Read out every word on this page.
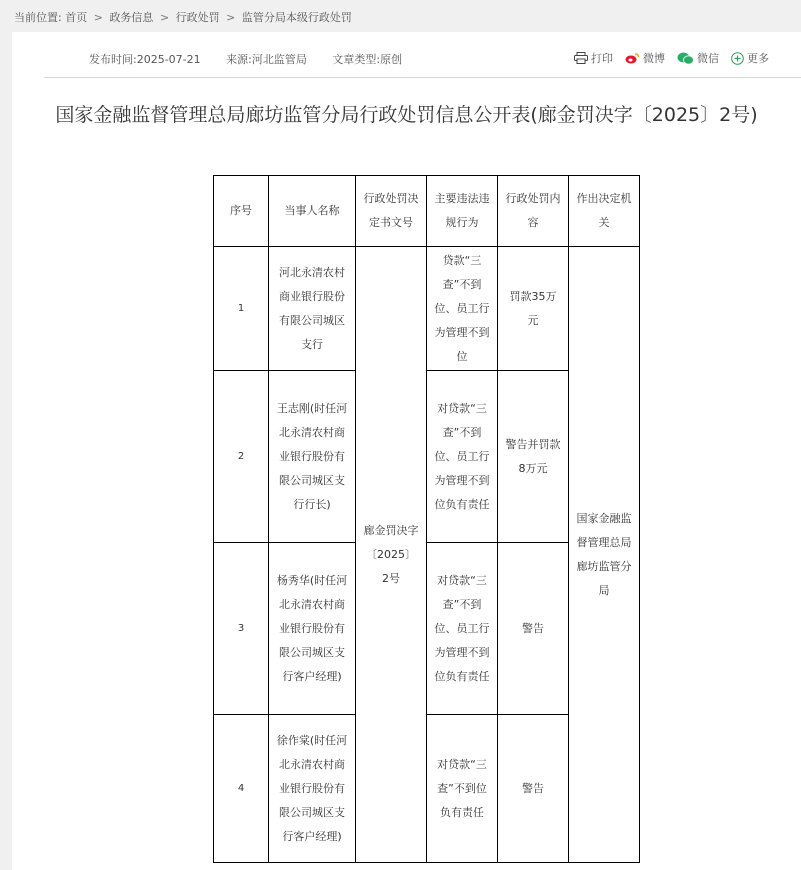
当前位置: 首页 > 政务信息 > 行政处罚 > 监管分局本级行政处罚
发布时间:2025-07-21 来源:河北监管局 文章类型:原创	打印	微博	微信	更多
国家金融监督管理总局廊坊监管分局行政处罚信息公开表(廊金罚决字〔2025〕2号)
序号	当事人名称	行政处罚决定书文号	主要违法违规行为	行政处罚内容	作出决定机关
1	河北永清农村商业银行股份有限公司城区支行	廊金罚决字〔2025〕2号	贷款“三查”不到位、员工行为管理不到位	罚款35万元	国家金融监督管理总局廊坊监管分局
2	王志刚(时任河北永清农村商业银行股份有限公司城区支行行长)		对贷款“三查”不到位、员工行为管理不到位负有责任	警告并罚款8万元	
3	杨秀华(时任河北永清农村商业银行股份有限公司城区支行客户经理)		对贷款“三查”不到位、员工行为管理不到位负有责任	警告	
4	徐作棠(时任河北永清农村商业银行股份有限公司城区支行客户经理)		对贷款“三查”不到位负有责任	警告	
